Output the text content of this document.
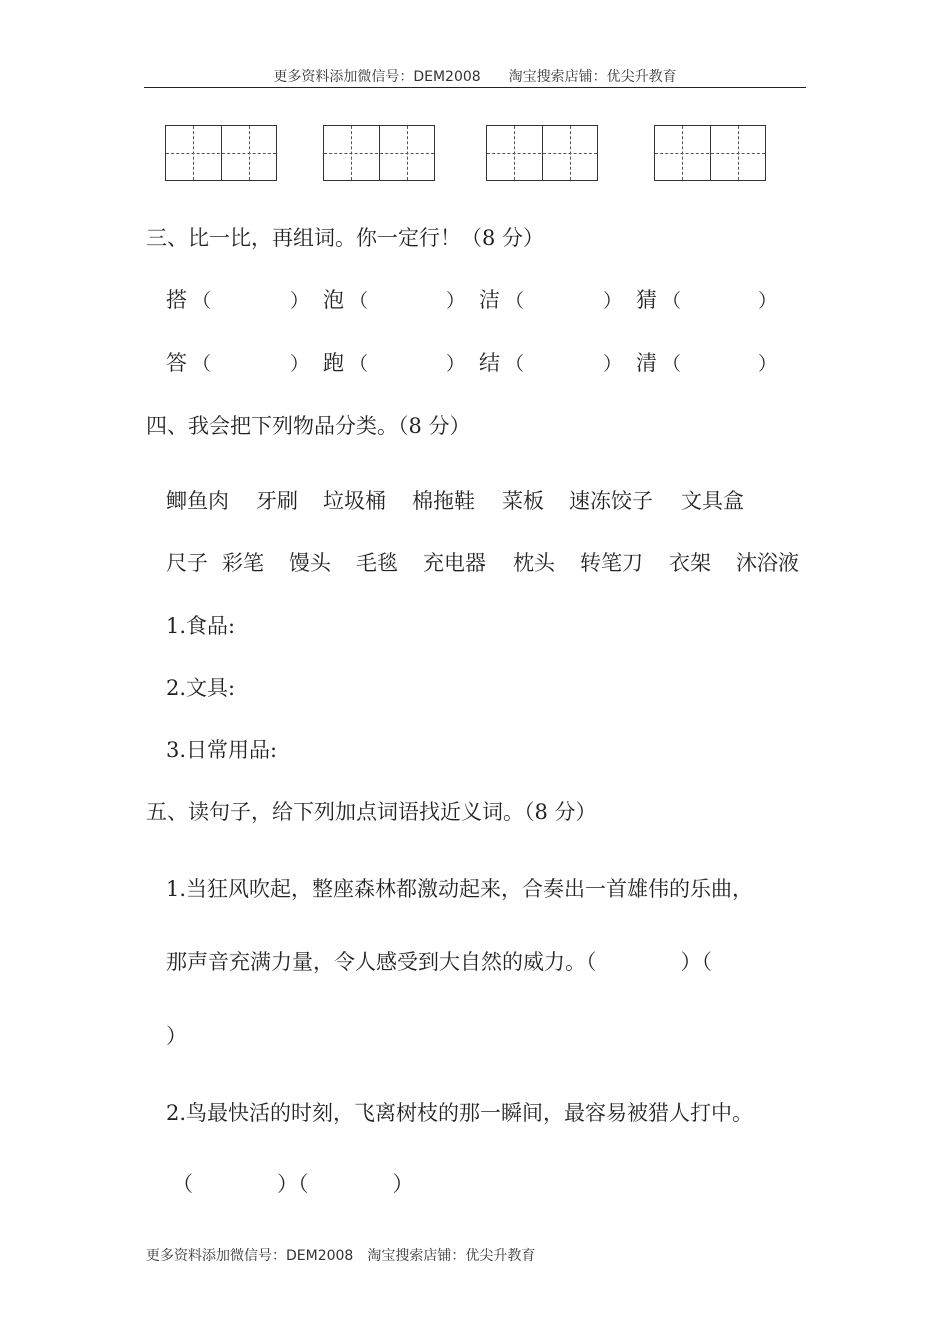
更多资料添加微信号：DEM2008　　淘宝搜索店铺：优尖升教育
三、比一比，再组词。你一定行！（8 分）
搭 （	） 泡 （	） 洁 （	） 猜 （	）
答 （	） 跑 （	） 结 （	） 清 （	）
四、我会把下列物品分类。（8 分）
鲫鱼肉 牙刷 垃圾桶 棉拖鞋 菜板 速冻饺子 文具盒
尺子 彩笔 馒头 毛毯 充电器 枕头 转笔刀 衣架 沐浴液
1.食品:
2.文具:
3.日常用品:
五、读句子，给下列加点词语找近义词。（8 分）
1.当狂风吹起，整座森林都激动起来，合奏出一首雄伟的乐曲，
那声音充满力量，令人感受到大自然的威力。（　　　　）（
）
2.鸟最快活的时刻，飞离树枝的那一瞬间，最容易被猎人打中。
（　　　　）（　　　　）
更多资料添加微信号：DEM2008　淘宝搜索店铺：优尖升教育
